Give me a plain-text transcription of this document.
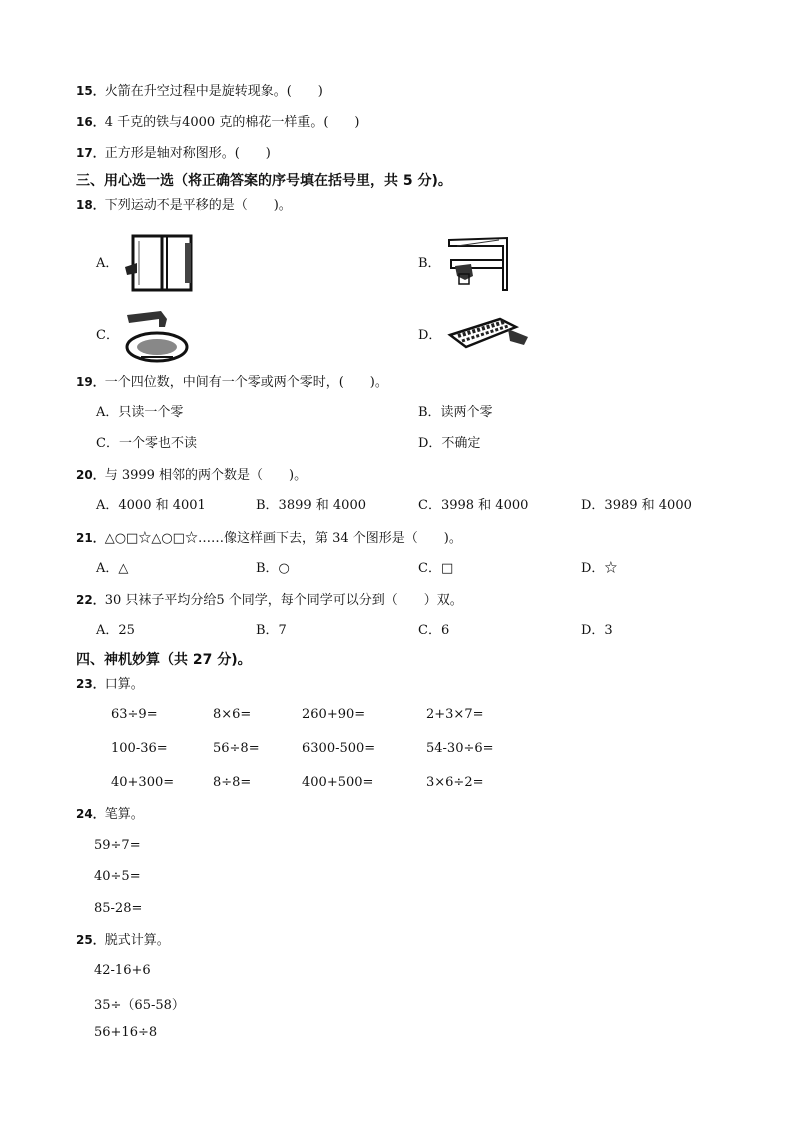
15．火箭在升空过程中是旋转现象。(　　)
16．4 千克的铁与4000 克的棉花一样重。(　　)
17．正方形是轴对称图形。(　　)
三、用心选一选（将正确答案的序号填在括号里，共 5 分)。
18．下列运动不是平移的是（　　)。
A．	B．
C．	D．
19．一个四位数，中间有一个零或两个零时，(　　)。
A．只读一个零	B．读两个零
C．一个零也不读	D．不确定
20．与 3999 相邻的两个数是（　　)。
A．4000 和 4001	B．3899 和 4000	C．3998 和 4000	D．3989 和 4000
21．△○□☆△○□☆……像这样画下去，第 34 个图形是（　　)。
A．△	B．○	C．□	D．☆
22．30 只袜子平均分给5 个同学，每个同学可以分到（　　）双。
A．25	B．7	C．6	D．3
四、神机妙算（共 27 分)。
23．口算。
63÷9=	8×6=	260+90=	2+3×7=
100-36=	56÷8=	6300-500=	54-30÷6=
40+300=	8÷8=	400+500=	3×6÷2=
24．笔算。
59÷7=
40÷5=
85-28=
25．脱式计算。
42-16+6
35÷（65-58）
56+16÷8
